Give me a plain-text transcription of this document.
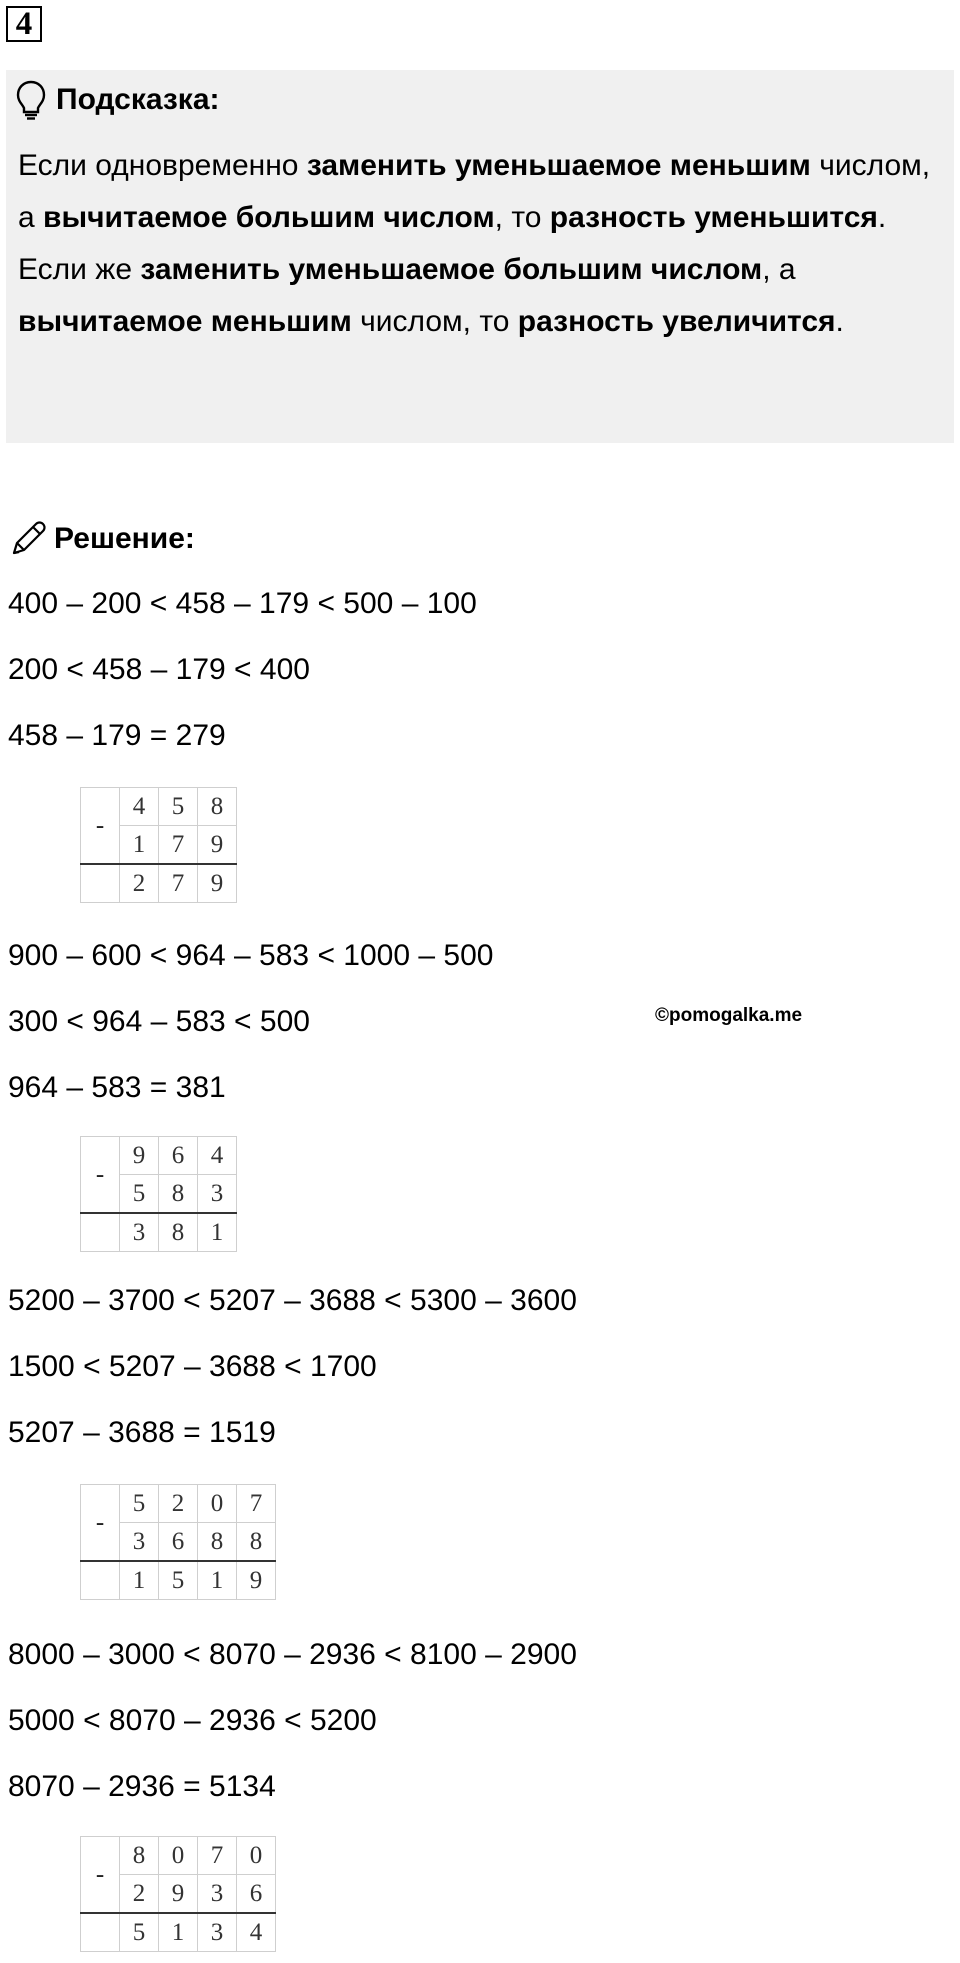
4
Подсказка:
Если одновременно заменить уменьшаемое меньшим числом, а вычитаемое большим числом, то разность уменьшится.
Если же заменить уменьшаемое большим числом, а вычитаемое меньшим числом, то разность увеличится.
Решение:
400 – 200 < 458 – 179 < 500 – 100
200 < 458 – 179 < 400
458 – 179 = 279
-	4	5	8
	1	7	9
	2	7	9
900 – 600 < 964 – 583 < 1000 – 500
300 < 964 – 583 < 500
964 – 583 = 381
-	9	6	4
	5	8	3
	3	8	1
5200 – 3700 < 5207 – 3688 < 5300 – 3600
1500 < 5207 – 3688 < 1700
5207 – 3688 = 1519
-	5	2	0	7
	3	6	8	8
	1	5	1	9
8000 – 3000 < 8070 – 2936 < 8100 – 2900
5000 < 8070 – 2936 < 5200
8070 – 2936 = 5134
-	8	0	7	0
	2	9	3	6
	5	1	3	4
©pomogalka.me
